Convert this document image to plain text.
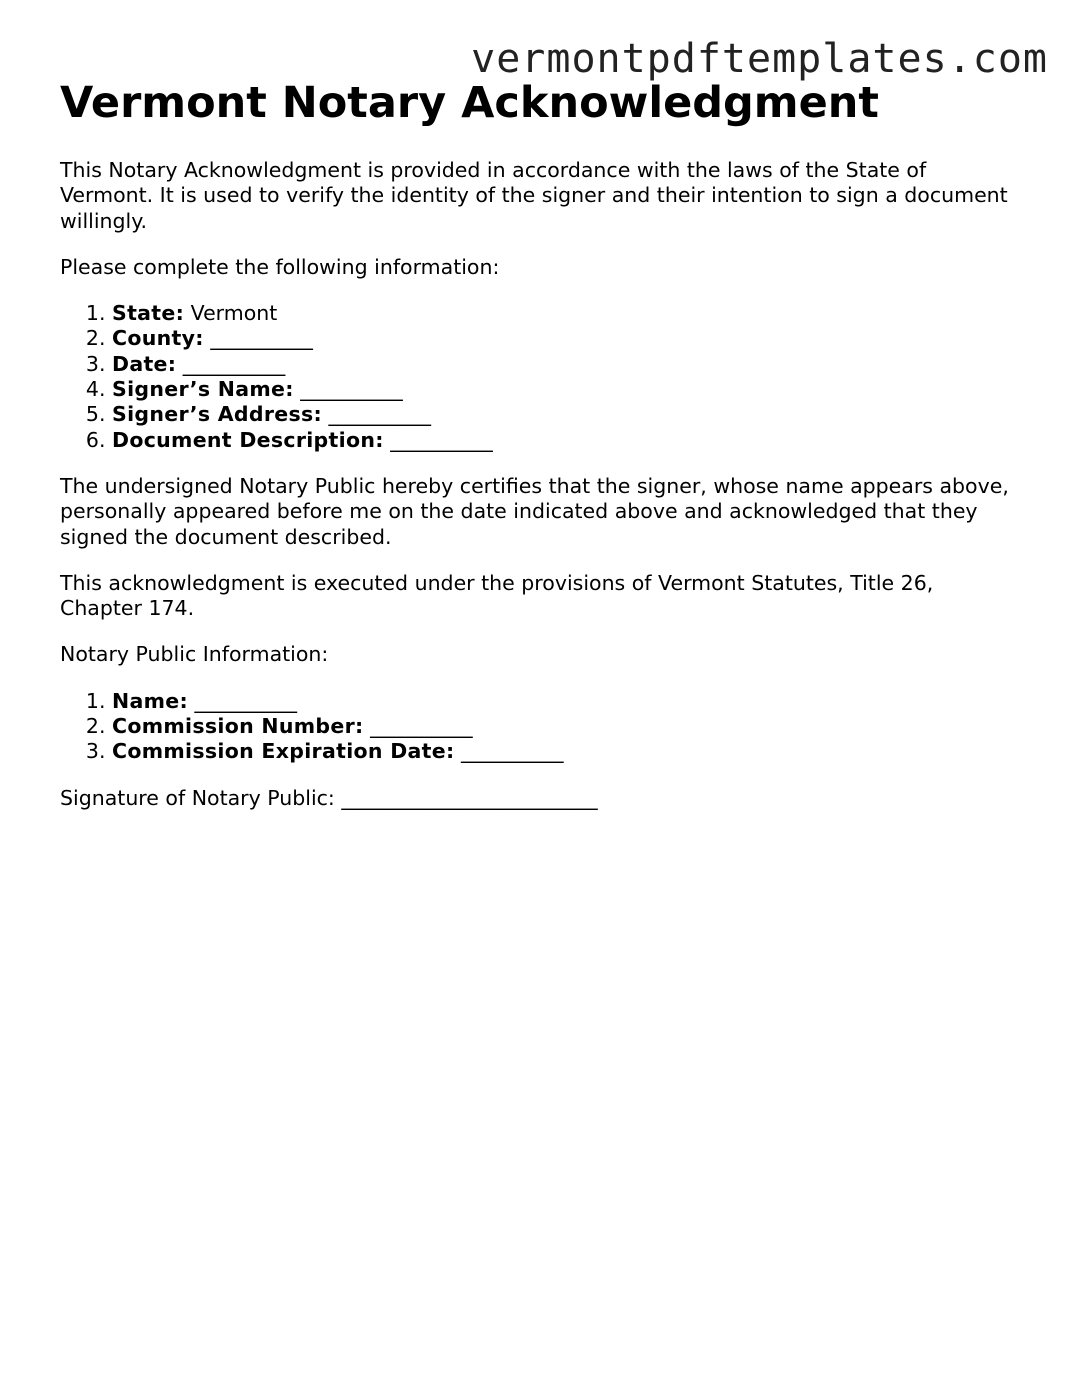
vermontpdftemplates.com
Vermont Notary Acknowledgment

This Notary Acknowledgment is provided in accordance with the laws of the State of Vermont. It is used to verify the identity of the signer and their intention to sign a document willingly.

Please complete the following information:

1. State: Vermont
2. County: __________
3. Date: __________
4. Signer’s Name: __________
5. Signer’s Address: __________
6. Document Description: __________

The undersigned Notary Public hereby certifies that the signer, whose name appears above, personally appeared before me on the date indicated above and acknowledged that they signed the document described.

This acknowledgment is executed under the provisions of Vermont Statutes, Title 26, Chapter 174.

Notary Public Information:

1. Name: __________
2. Commission Number: __________
3. Commission Expiration Date: __________

Signature of Notary Public: _________________________
